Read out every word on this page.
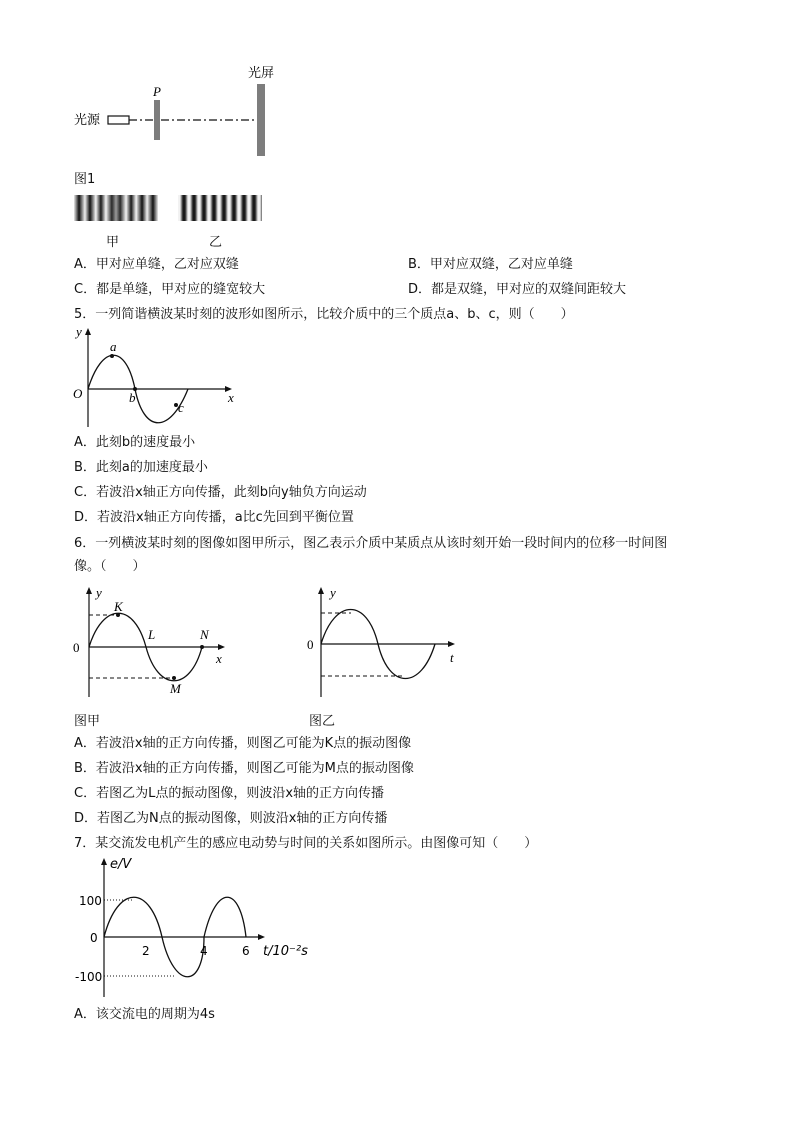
光源
P
光屏
图1
甲	乙
A．甲对应单缝，乙对应双缝	B．甲对应双缝，乙对应单缝
C．都是单缝，甲对应的缝宽较大	D．都是双缝，甲对应的双缝间距较大
5．一列简谐横波某时刻的波形如图所示，比较介质中的三个质点a、b、c，则（　　）
y
x
O
a
b
c
A．此刻b的速度最小
B．此刻a的加速度最小
C．若波沿x轴正方向传播，此刻b向y轴负方向运动
D．若波沿x轴正方向传播，a比c先回到平衡位置
6．一列横波某时刻的图像如图甲所示，图乙表示介质中某质点从该时刻开始一段时间内的位移一时间图
像。（　　）
y
x
0
K
L
M
N
y
t
0
图甲	图乙
A．若波沿x轴的正方向传播，则图乙可能为K点的振动图像
B．若波沿x轴的正方向传播，则图乙可能为M点的振动图像
C．若图乙为L点的振动图像，则波沿x轴的正方向传播
D．若图乙为N点的振动图像，则波沿x轴的正方向传播
7．某交流发电机产生的感应电动势与时间的关系如图所示。由图像可知（　　）
e/V
100
0
-100
2	4	6 t/10⁻²s
A．该交流电的周期为4s
